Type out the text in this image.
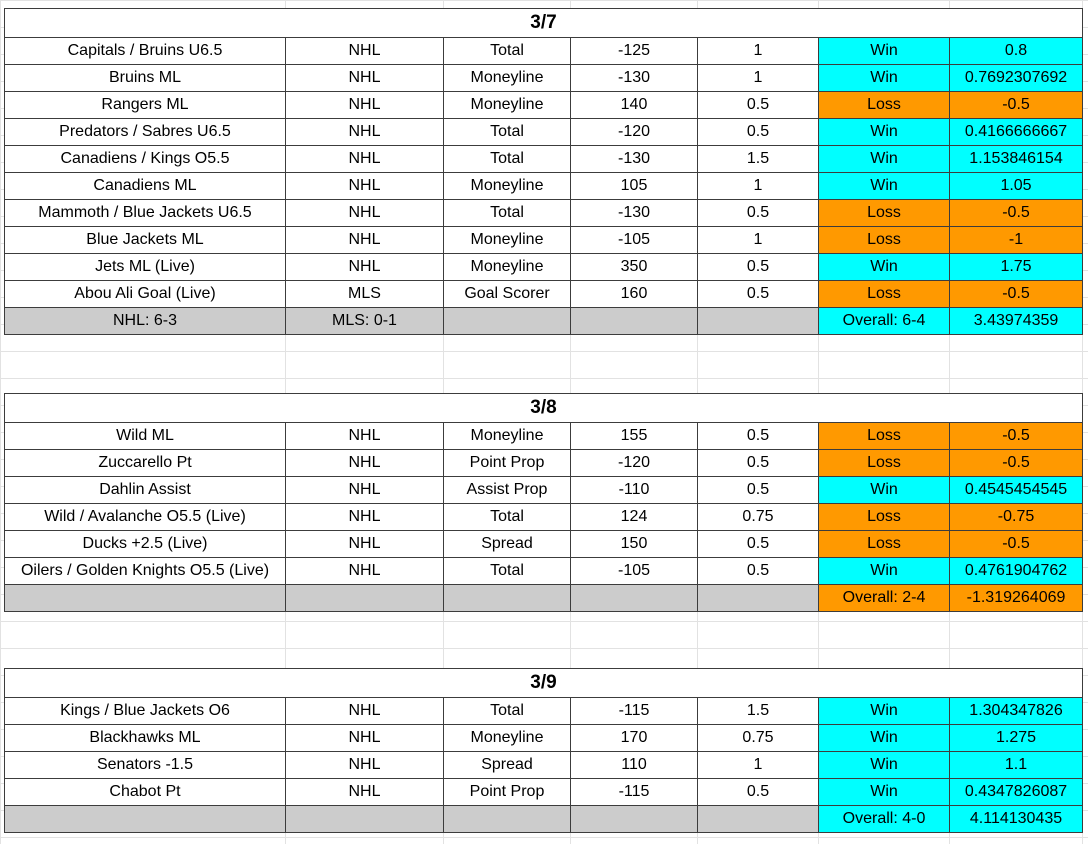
3/7						
Capitals / Bruins U6.5	NHL	Total	-125	1	Win	0.8
Bruins ML	NHL	Moneyline	-130	1	Win	0.7692307692
Rangers ML	NHL	Moneyline	140	0.5	Loss	-0.5
Predators / Sabres U6.5	NHL	Total	-120	0.5	Win	0.4166666667
Canadiens / Kings O5.5	NHL	Total	-130	1.5	Win	1.153846154
Canadiens ML	NHL	Moneyline	105	1	Win	1.05
Mammoth / Blue Jackets U6.5	NHL	Total	-130	0.5	Loss	-0.5
Blue Jackets ML	NHL	Moneyline	-105	1	Loss	-1
Jets ML (Live)	NHL	Moneyline	350	0.5	Win	1.75
Abou Ali Goal (Live)	MLS	Goal Scorer	160	0.5	Loss	-0.5
NHL: 6-3	MLS: 0-1				Overall: 6-4	3.43974359
3/8						
Wild ML	NHL	Moneyline	155	0.5	Loss	-0.5
Zuccarello Pt	NHL	Point Prop	-120	0.5	Loss	-0.5
Dahlin Assist	NHL	Assist Prop	-110	0.5	Win	0.4545454545
Wild / Avalanche O5.5 (Live)	NHL	Total	124	0.75	Loss	-0.75
Ducks +2.5 (Live)	NHL	Spread	150	0.5	Loss	-0.5
Oilers / Golden Knights O5.5 (Live)	NHL	Total	-105	0.5	Win	0.4761904762
					Overall: 2-4	-1.319264069
3/9						
Kings / Blue Jackets O6	NHL	Total	-115	1.5	Win	1.304347826
Blackhawks ML	NHL	Moneyline	170	0.75	Win	1.275
Senators -1.5	NHL	Spread	110	1	Win	1.1
Chabot Pt	NHL	Point Prop	-115	0.5	Win	0.4347826087
					Overall: 4-0	4.114130435
